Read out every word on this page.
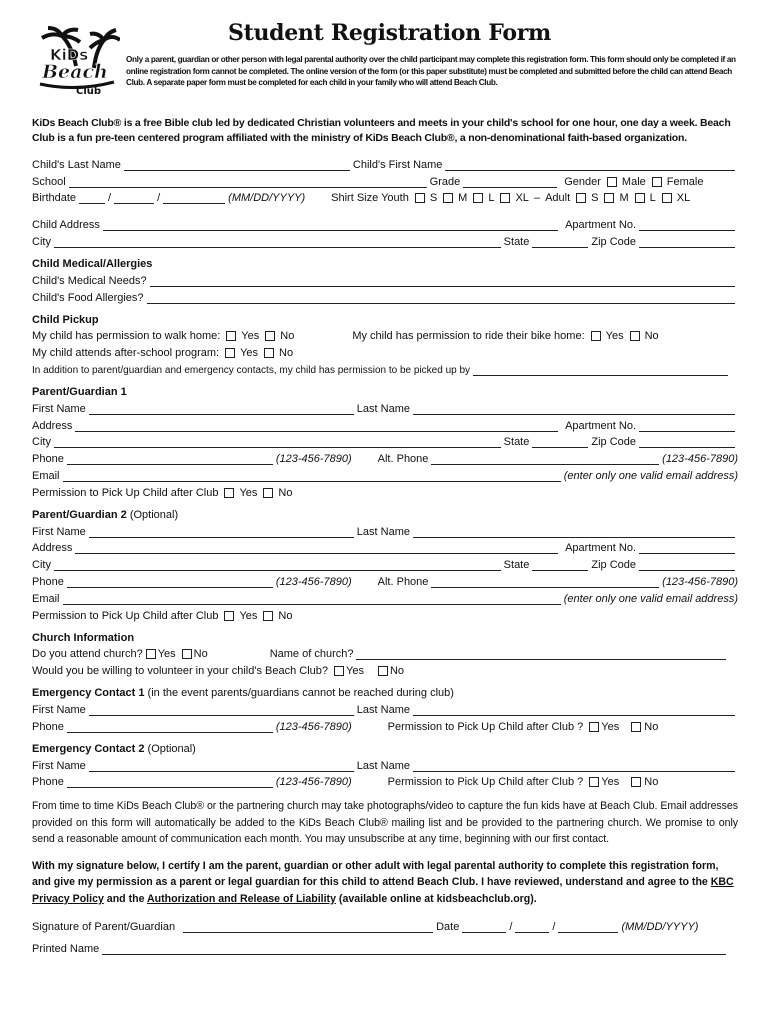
KiDs
Beach
Club
Student Registration Form
Only a parent, guardian or other person with legal parental authority over the child participant may complete this registration form. This form should only be completed if an online registration form cannot be completed. The online version of the form (or this paper substitute) must be completed and submitted before the child can attend Beach Club. A separate paper form must be completed for each child in your family who will attend Beach Club.
KiDs Beach Club® is a free Bible club led by dedicated Christian volunteers and meets in your child's school for one hour, one day a week. Beach Club is a fun pre-teen centered program affiliated with the ministry of KiDs Beach Club®, a non-denominational faith-based organization.
Child's Last Name	Child's First Name
School	Grade	Gender Male Female
Birthdate	/	/	(MM/DD/YYYY) Shirt Size Youth S M L XL – Adult S M L XL
Child Address	Apartment No.
City	State	Zip Code
Child Medical/Allergies
Child's Medical Needs?
Child's Food Allergies?
Child Pickup
My child has permission to walk home: Yes No	My child has permission to ride their bike home: Yes No
My child attends after-school program: Yes No
In addition to parent/guardian and emergency contacts, my child has permission to be picked up by
Parent/Guardian 1
First Name	Last Name
Address	Apartment No.
City	State	Zip Code
Phone	(123-456-7890) Alt. Phone	(123-456-7890)
Email	(enter only one valid email address)
Permission to Pick Up Child after Club Yes No
Parent/Guardian 2 (Optional)
First Name	Last Name
Address	Apartment No.
City	State	Zip Code
Phone	(123-456-7890) Alt. Phone	(123-456-7890)
Email	(enter only one valid email address)
Permission to Pick Up Child after Club Yes No
Church Information
Do you attend church? Yes No	Name of church?
Would you be willing to volunteer in your child's Beach Club? Yes No
Emergency Contact 1 (in the event parents/guardians cannot be reached during club)
First Name	Last Name
Phone	(123-456-7890)	Permission to Pick Up Child after Club ? Yes No
Emergency Contact 2 (Optional)
First Name	Last Name
Phone	(123-456-7890)	Permission to Pick Up Child after Club ? Yes No
From time to time KiDs Beach Club® or the partnering church may take photographs/video to capture the fun kids have at Beach Club. Email addresses provided on this form will automatically be added to the KiDs Beach Club® mailing list and be provided to the partnering church. We promise to only send a reasonable amount of communication each month. You may unsubscribe at any time, beginning with our first contact.
With my signature below, I certify I am the parent, guardian or other adult with legal parental authority to complete this registration form, and give my permission as a parent or legal guardian for this child to attend Beach Club. I have reviewed, understand and agree to the KBC Privacy Policy and the Authorization and Release of Liability (available online at kidsbeachclub.org).
Signature of Parent/Guardian	Date	/	/	(MM/DD/YYYY)
Printed Name
